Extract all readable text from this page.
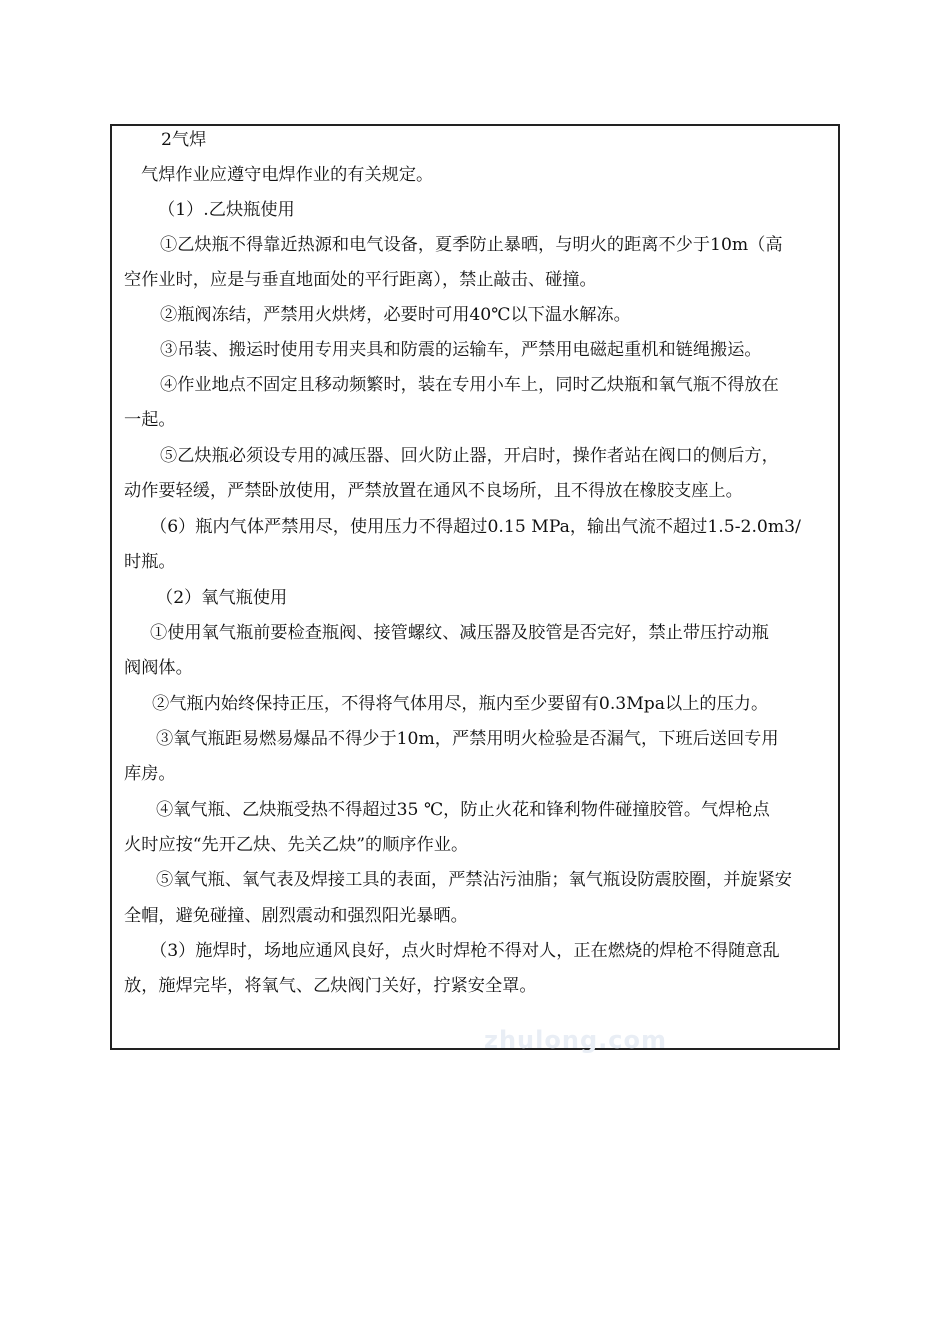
2气焊

气焊作业应遵守电焊作业的有关规定。

（1）.乙炔瓶使用

①乙炔瓶不得靠近热源和电气设备，夏季防止暴晒，与明火的距离不少于10m（高

空作业时，应是与垂直地面处的平行距离），禁止敲击、碰撞。

②瓶阀冻结，严禁用火烘烤，必要时可用40℃以下温水解冻。

③吊装、搬运时使用专用夹具和防震的运输车，严禁用电磁起重机和链绳搬运。

④作业地点不固定且移动频繁时，装在专用小车上，同时乙炔瓶和氧气瓶不得放在

一起。

⑤乙炔瓶必须设专用的减压器、回火防止器，开启时，操作者站在阀口的侧后方，

动作要轻缓，严禁卧放使用，严禁放置在通风不良场所，且不得放在橡胶支座上。

（6）瓶内气体严禁用尽，使用压力不得超过0.15 MPa，输出气流不超过1.5-2.0m3/

时瓶。

（2）氧气瓶使用

①使用氧气瓶前要检查瓶阀、接管螺纹、减压器及胶管是否完好，禁止带压拧动瓶

阀阀体。

②气瓶内始终保持正压，不得将气体用尽，瓶内至少要留有0.3Mpa以上的压力。

③氧气瓶距易燃易爆品不得少于10m，严禁用明火检验是否漏气，下班后送回专用

库房。

④氧气瓶、乙炔瓶受热不得超过35 ℃，防止火花和锋利物件碰撞胶管。气焊枪点

火时应按“先开乙炔、先关乙炔”的顺序作业。

⑤氧气瓶、氧气表及焊接工具的表面，严禁沾污油脂；氧气瓶设防震胶圈，并旋紧安

全帽，避免碰撞、剧烈震动和强烈阳光暴晒。

（3）施焊时，场地应通风良好，点火时焊枪不得对人，正在燃烧的焊枪不得随意乱

放，施焊完毕，将氧气、乙炔阀门关好，拧紧安全罩。

zhulong.com
